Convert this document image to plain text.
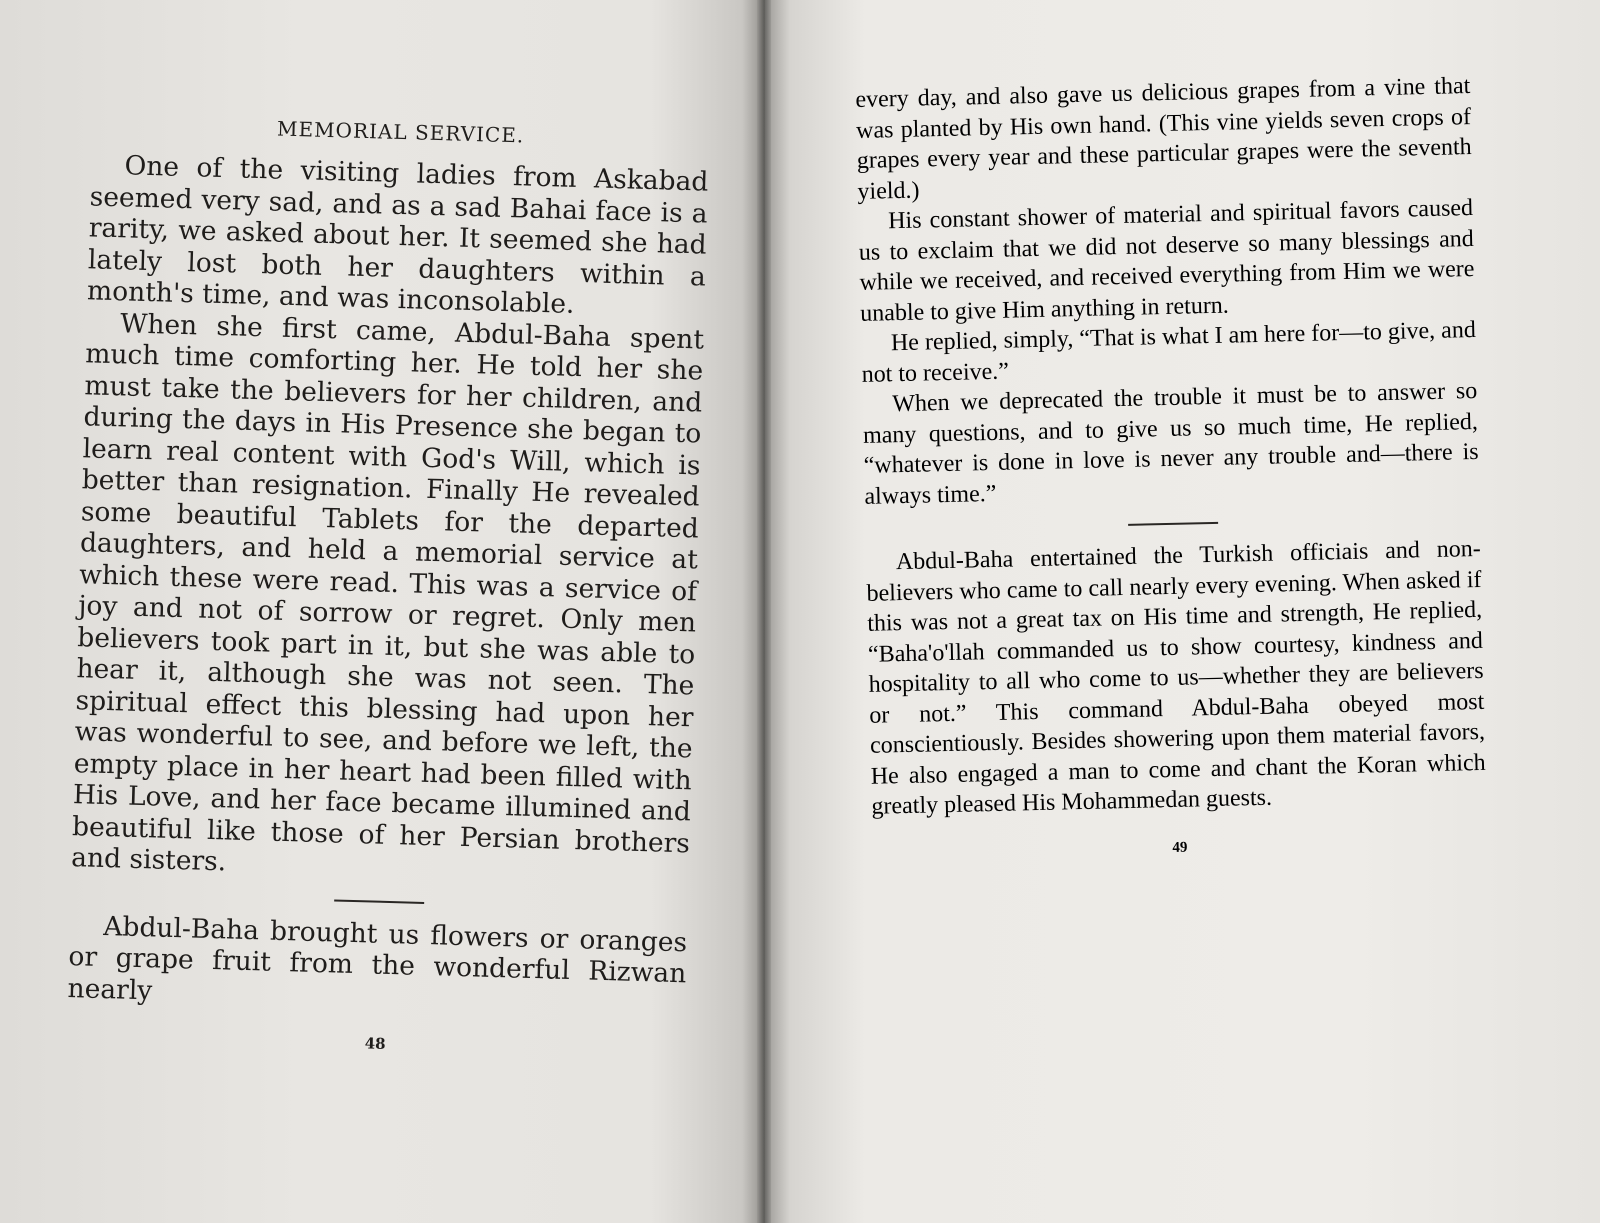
MEMORIAL SERVICE.

One of the visiting ladies from Askabad seemed very sad, and as a sad Bahai face is a rarity, we asked about her. It seemed she had lately lost both her daughters within a month's time, and was inconsolable.

When she first came, Abdul-Baha spent much time comforting her. He told her she must take the believers for her children, and during the days in His Presence she began to learn real content with God's Will, which is better than resignation. Finally He revealed some beautiful Tablets for the departed daughters, and held a memorial service at which these were read. This was a service of joy and not of sorrow or regret. Only men believers took part in it, but she was able to hear it, although she was not seen. The spiritual effect this blessing had upon her was wonderful to see, and before we left, the empty place in her heart had been filled with His Love, and her face became illumined and beautiful like those of her Persian brothers and sisters.

Abdul-Baha brought us flowers or oranges or grape fruit from the wonderful Rizwan nearly

48

every day, and also gave us delicious grapes from a vine that was planted by His own hand. (This vine yields seven crops of grapes every year and these particular grapes were the seventh yield.)

His constant shower of material and spiritual favors caused us to exclaim that we did not deserve so many blessings and while we received, and received everything from Him we were unable to give Him anything in return.

He replied, simply, “That is what I am here for—to give, and not to receive.”

When we deprecated the trouble it must be to answer so many questions, and to give us so much time, He replied, “whatever is done in love is never any trouble and—there is always time.”

Abdul-Baha entertained the Turkish officiais and non-believers who came to call nearly every evening. When asked if this was not a great tax on His time and strength, He replied, “Baha'o'llah commanded us to show courtesy, kindness and hospitality to all who come to us—whether they are believers or not.” This command Abdul-Baha obeyed most conscientiously. Besides showering upon them material favors, He also engaged a man to come and chant the Koran which greatly pleased His Mohammedan guests.

49
